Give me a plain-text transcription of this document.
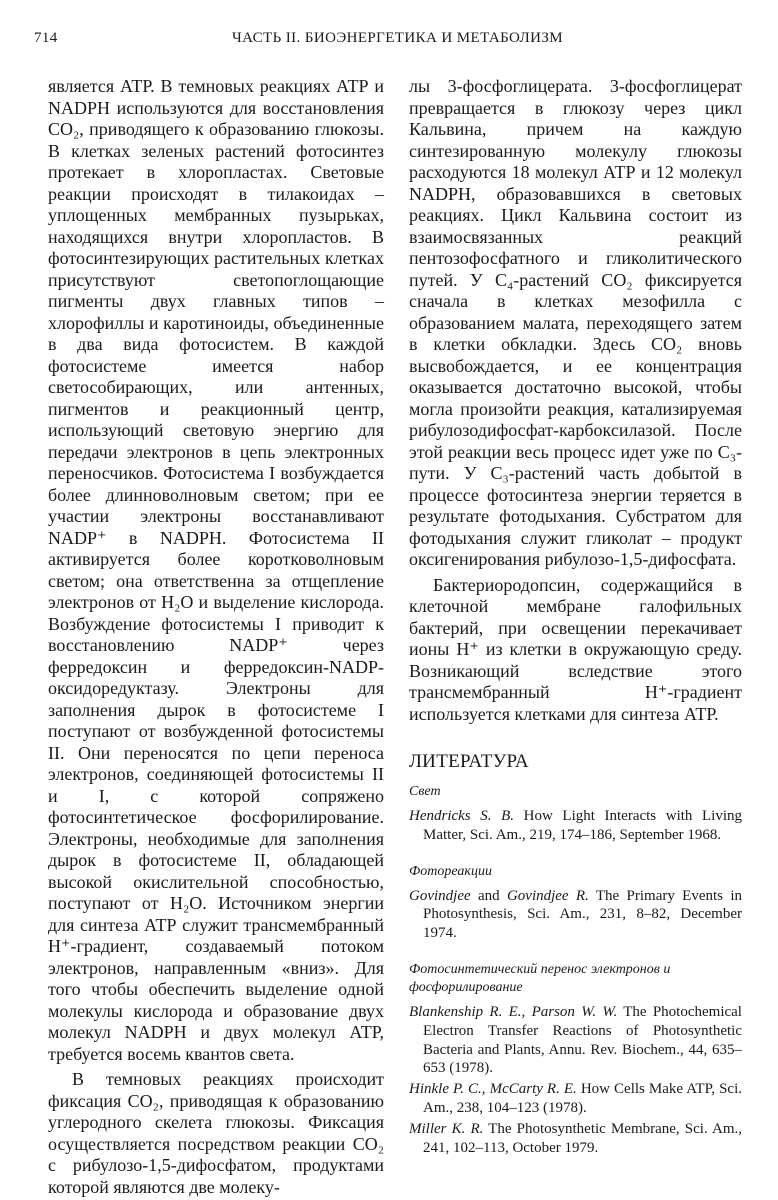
714	ЧАСТЬ II. БИОЭНЕРГЕТИКА И МЕТАБОЛИЗМ

является АТР. В темновых реакциях АТР и NADPH используются для восстановления CO₂, приводящего к образованию глюкозы. В клетках зеленых растений фотосинтез протекает в хлоропластах. Световые реакции происходят в тилакоидах – уплощенных мембранных пузырьках, находящихся внутри хлоропластов. В фотосинтезирующих растительных клетках присутствуют светопоглощающие пигменты двух главных типов – хлорофиллы и каротиноиды, объединенные в два вида фотосистем. В каждой фотосистеме имеется набор светособирающих, или антенных, пигментов и реакционный центр, использующий световую энергию для передачи электронов в цепь электронных переносчиков. Фотосистема I возбуждается более длинноволновым светом; при ее участии электроны восстанавливают NADP⁺ в NADPH. Фотосистема II активируется более коротковолновым светом; она ответственна за отщепление электронов от H₂O и выделение кислорода. Возбуждение фотосистемы I приводит к восстановлению NADP⁺ через ферредоксин и ферредоксин-NADP-оксидоредуктазу. Электроны для заполнения дырок в фотосистеме I поступают от возбужденной фотосистемы II. Они переносятся по цепи переноса электронов, соединяющей фотосистемы II и I, с которой сопряжено фотосинтетическое фосфорилирование. Электроны, необходимые для заполнения дырок в фотосистеме II, обладающей высокой окислительной способностью, поступают от H₂O. Источником энергии для синтеза АТР служит трансмембранный H⁺-градиент, создаваемый потоком электронов, направленным «вниз». Для того чтобы обеспечить выделение одной молекулы кислорода и образование двух молекул NADPH и двух молекул АТР, требуется восемь квантов света.

В темновых реакциях происходит фиксация CO₂, приводящая к образованию углеродного скелета глюкозы. Фиксация осуществляется посредством реакции CO₂ с рибулозо-1,5-дифосфатом, продуктами которой являются две молеку-

лы 3-фосфоглицерата. 3-фосфоглицерат превращается в глюкозу через цикл Кальвина, причем на каждую синтезированную молекулу глюкозы расходуются 18 молекул АТР и 12 молекул NADPH, образовавшихся в световых реакциях. Цикл Кальвина состоит из взаимосвязанных реакций пентозофосфатного и гликолитического путей. У C₄-растений CO₂ фиксируется сначала в клетках мезофилла с образованием малата, переходящего затем в клетки обкладки. Здесь CO₂ вновь высвобождается, и ее концентрация оказывается достаточно высокой, чтобы могла произойти реакция, катализируемая рибулозодифосфат-карбоксилазой. После этой реакции весь процесс идет уже по C₃-пути. У C₃-растений часть добытой в процессе фотосинтеза энергии теряется в результате фотодыхания. Субстратом для фотодыхания служит гликолат – продукт оксигенирования рибулозо-1,5-дифосфата.

Бактериородопсин, содержащийся в клеточной мембране галофильных бактерий, при освещении перекачивает ионы H⁺ из клетки в окружающую среду. Возникающий вследствие этого трансмембранный H⁺-градиент используется клетками для синтеза АТР.

ЛИТЕРАТУРА
Свет

Hendricks S. B. How Light Interacts with Living Matter, Sci. Am., 219, 174–186, September 1968.

Фотореакции

Govindjee and Govindjee R. The Primary Events in Photosynthesis, Sci. Am., 231, 8–82, December 1974.

Фотосинтетический перенос электронов и фосфорилирование

Blankenship R. E., Parson W. W. The Photochemical Electron Transfer Reactions of Photosynthetic Bacteria and Plants, Annu. Rev. Biochem., 44, 635–653 (1978).

Hinkle P. C., McCarty R. E. How Cells Make ATP, Sci. Am., 238, 104–123 (1978).

Miller K. R. The Photosynthetic Membrane, Sci. Am., 241, 102–113, October 1979.
